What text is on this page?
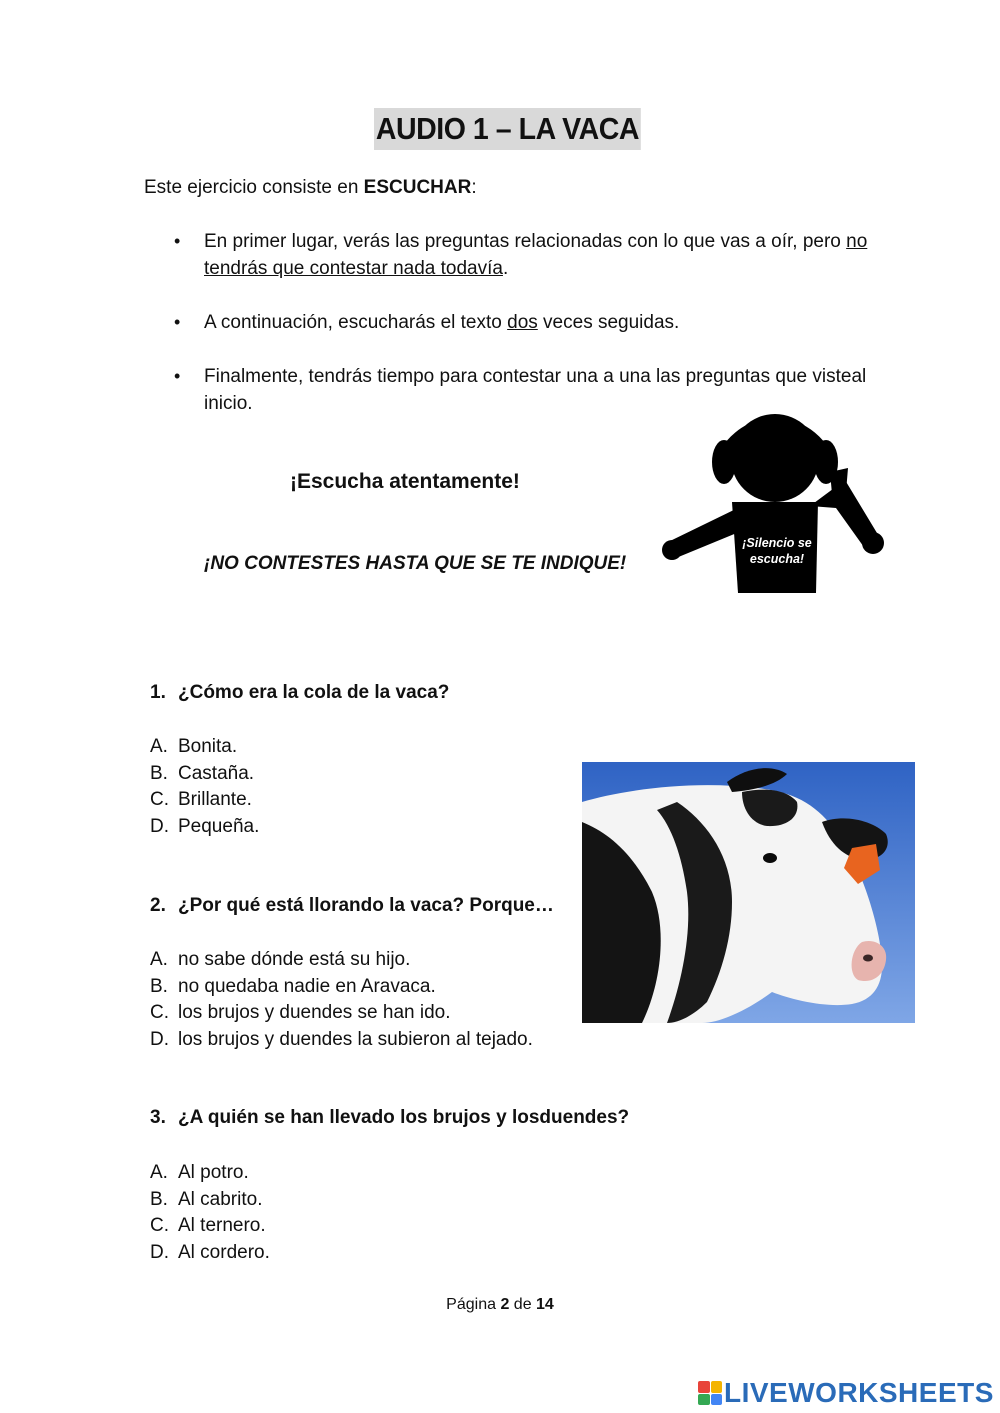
AUDIO 1 – LA VACA
Este ejercicio consiste en ESCUCHAR:
• En primer lugar, verás las preguntas relacionadas con lo que vas a oír, pero no tendrás que contestar nada todavía.
• A continuación, escucharás el texto dos veces seguidas.
• Finalmente, tendrás tiempo para contestar una a una las preguntas que visteal inicio.
¡Escucha atentamente!
¡NO CONTESTES HASTA QUE SE TE INDIQUE!
¡Silencio se
escucha!
1. ¿Cómo era la cola de la vaca?
A. Bonita.
B. Castaña.
C. Brillante.
D. Pequeña.
2. ¿Por qué está llorando la vaca? Porque…
A. no sabe dónde está su hijo.
B. no quedaba nadie en Aravaca.
C. los brujos y duendes se han ido.
D. los brujos y duendes la subieron al tejado.
3. ¿A quién se han llevado los brujos y losduendes?
A. Al potro.
B. Al cabrito.
C. Al ternero.
D. Al cordero.
Página 2 de 14
LIVEWORKSHEETS
